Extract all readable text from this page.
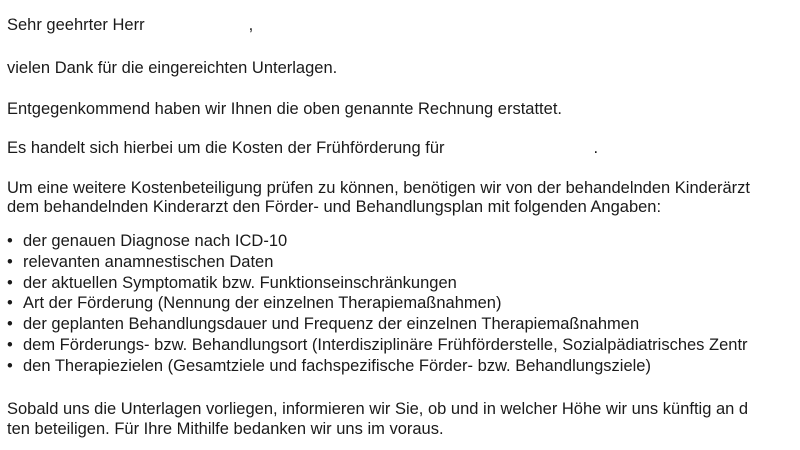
Sehr geehrter Herr	,

vielen Dank für die eingereichten Unterlagen.

Entgegenkommend haben wir Ihnen die oben genannte Rechnung erstattet.

Es handelt sich hierbei um die Kosten der Frühförderung für	.

Um eine weitere Kostenbeteiligung prüfen zu können, benötigen wir von der behandelnden Kinderärzt

dem behandelnden Kinderarzt den Förder- und Behandlungsplan mit folgenden Angaben:

• der genauen Diagnose nach ICD-10
• relevanten anamnestischen Daten
• der aktuellen Symptomatik bzw. Funktionseinschränkungen
• Art der Förderung (Nennung der einzelnen Therapiemaßnahmen)
• der geplanten Behandlungsdauer und Frequenz der einzelnen Therapiemaßnahmen
• dem Förderungs- bzw. Behandlungsort (Interdisziplinäre Frühförderstelle, Sozialpädiatrisches Zentr
• den Therapiezielen (Gesamtziele und fachspezifische Förder- bzw. Behandlungsziele)

Sobald uns die Unterlagen vorliegen, informieren wir Sie, ob und in welcher Höhe wir uns künftig an d

ten beteiligen. Für Ihre Mithilfe bedanken wir uns im voraus.
